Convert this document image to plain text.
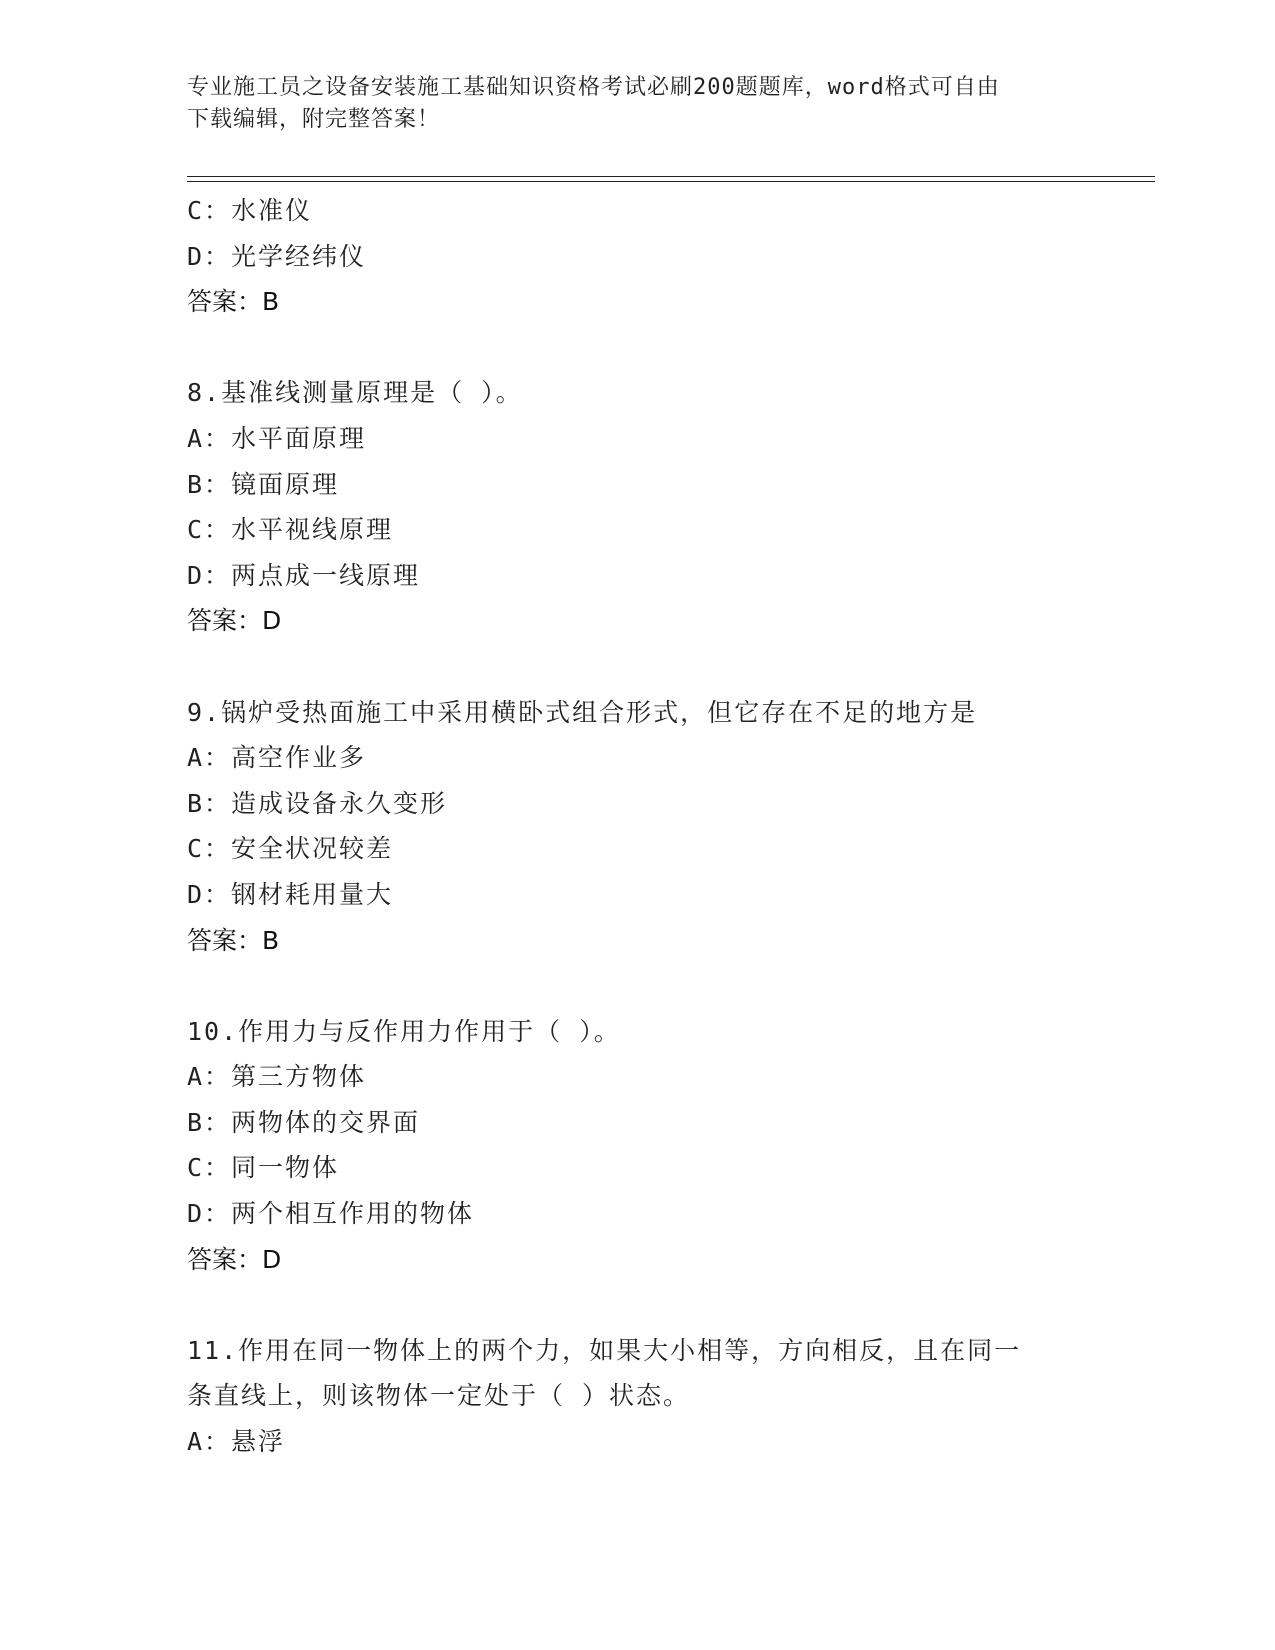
专业施工员之设备安装施工基础知识资格考试必刷200题题库，word格式可自由
下载编辑，附完整答案！
C：水准仪
D：光学经纬仪
答案：B
8.基准线测量原理是（ ）。
A：水平面原理
B：镜面原理
C：水平视线原理
D：两点成一线原理
答案：D
9.锅炉受热面施工中采用横卧式组合形式，但它存在不足的地方是
A：高空作业多
B：造成设备永久变形
C：安全状况较差
D：钢材耗用量大
答案：B
10.作用力与反作用力作用于（ ）。
A：第三方物体
B：两物体的交界面
C：同一物体
D：两个相互作用的物体
答案：D
11.作用在同一物体上的两个力，如果大小相等，方向相反，且在同一
条直线上，则该物体一定处于（ ）状态。
A：悬浮
